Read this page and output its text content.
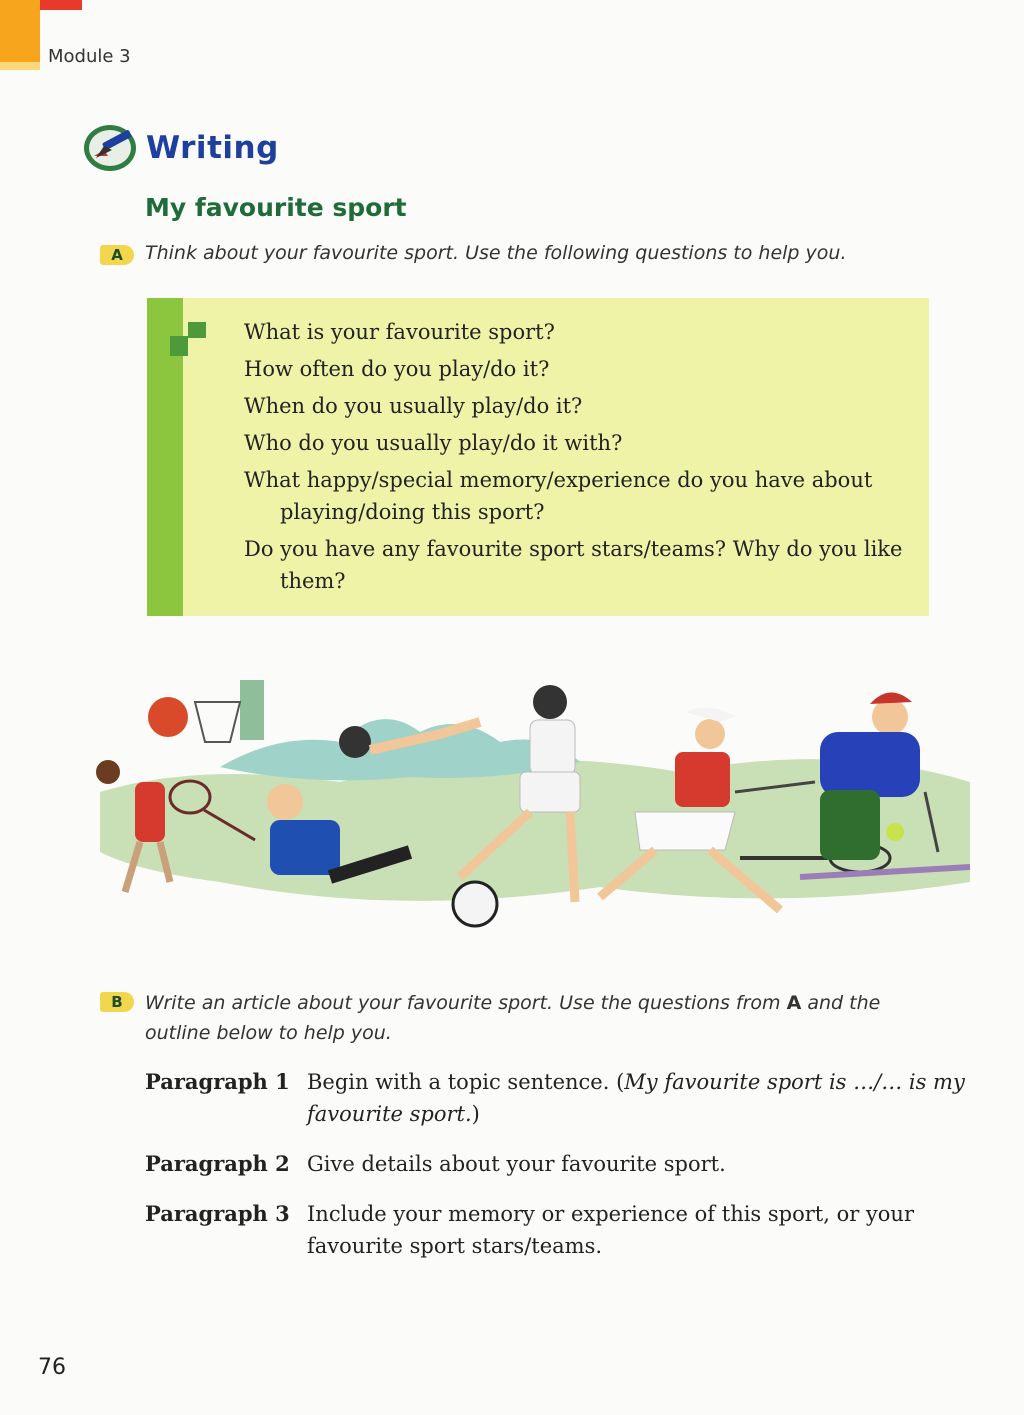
Module 3
Writing
My favourite sport
A	Think about your favourite sport. Use the following questions to help you.
What is your favourite sport?
How often do you play/do it?
When do you usually play/do it?
Who do you usually play/do it with?
What happy/special memory/experience do you have about playing/doing this sport?
Do you have any favourite sport stars/teams? Why do you like them?
B	Write an article about your favourite sport. Use the questions from A and the outline below to help you.
Paragraph 1 Begin with a topic sentence. (My favourite sport is …/… is my favourite sport.)
Paragraph 2 Give details about your favourite sport.
Paragraph 3 Include your memory or experience of this sport, or your favourite sport stars/teams.
76
